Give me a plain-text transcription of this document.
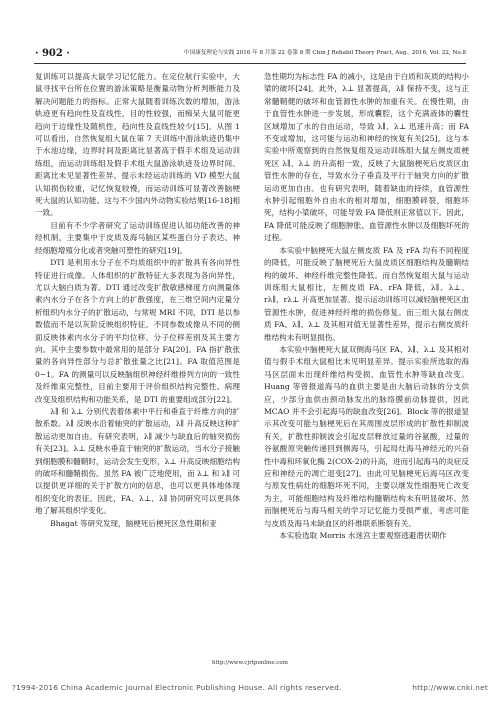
· 902 ·	中国康复理论与实践 2016 年 8 月第 22 卷第 8 期 Chin J Rehabil Theory Pract, Aug., 2016, Vol. 22, No.8

复训练可以提高大鼠学习记忆能力。在定位航行实验中，大鼠寻找平台所在位置的游泳策略是衡量动物分析判断能力及解决问题能力的指标。正常大鼠随着训练次数的增加，游泳轨迹更有趋向性及直线性，目的性较强，而痴呆大鼠可能更趋向于边缘性及随机性，趋向性及直线性较少[15]。从图 1 可以看出，自然恢复组大鼠在第 7 天训练中游泳轨迹仍集中于水池边缘，边界时间及距离比显著高于假手术组及运动训练组，而运动训练组及假手术组大鼠游泳轨迹及边界时间、距离比未见显著性差异。提示未经运动训练的 VD 模型大鼠认知损伤较重，记忆恢复较慢，而运动训练可显著改善脑梗死大鼠的认知功能。这与不少国内外动物实验结果[16-18]相一致。

目前有不少学者研究了运动训练促进认知功能改善的神经机制，主要集中于皮质及海马脑区某些蛋白分子表达、神经细胞增殖分化或者突触可塑性的研究[19]。

DTI 是利用水分子在不均质组织中的扩散具有各向异性特征进行成像。人体组织的扩散特征大多表现为各向异性，尤以大脑白质为著。DTI 通过改变扩散敏感梯度方向测量体素内水分子在各个方向上的扩散强度，在三维空间内定量分析组织内水分子的扩散运动，与常规 MRI 不同，DTI 是以参数值而不是以灰阶反映组织特征。不同参数成像从不同的侧面反映体素内水分子的平均位移、分子位移差别及其主要方向。其中主要参数中最常用的是部分 FA[20]。FA 指扩散张量的各向异性部分与总扩散张量之比[21]。FA 取值范围是 0~1。FA 的测量可以反映脑组织神经纤维排列方向的一致性及纤维束完整性，目前主要用于评价组织结构完整性、病理改变及组织结构和功能关系，是 DTI 的重要组成部分[22]。

λ∥ 和 λ⊥ 分别代表着体素中平行和垂直于纤维方向的扩散系数。λ∥ 反映水沿着轴突的扩散运动，λ∥ 升高反映这种扩散运动更加自由。有研究表明，λ∥ 减少与缺血后的轴突损伤有关[23]。λ⊥ 反映水垂直于轴突的扩散运动，当水分子接触到细胞膜和髓鞘时，运动会发生变形，λ⊥ 升高反映细胞结构的破坏和髓鞘损伤。虽然 FA 被广泛地使用，而 λ⊥ 和 λ∥ 可以提供更详细的关于扩散方向的信息，也可以更具体地体现组织变化的表征。因此，FA、λ⊥、λ∥ 协同研究可以更具体地了解其组织学变化。

Bhagat 等研究发现，脑梗死后梗死区急性期和亚

急性期均为标志性 FA 的减小，这是由于白质和灰质的结构小梁的破坏[24]。此外，λ⊥ 显著提高，λ∥ 保持不变，这与正常髓鞘健的破坏和血管源性水肿的加重有关。在慢性期，由于血管性水肿进一步发展，形成囊腔，这个充满液体的囊性区域增加了水的自由运动，导致 λ∥、λ⊥ 迅速升高；而 FA 不变或增加，这可能与运动和神经的恢复有关[25]。这与本实验中所观察到的自然恢复组及运动训练组大鼠左侧皮质梗死区 λ∥、λ⊥ 的升高相一致，反映了大鼠脑梗死后皮质区血管性水肿的存在，导致水分子垂直及平行于轴突方向的扩散运动更加自由。也有研究表明，随着缺血的持续，血管源性水肿引起细胞外自由水的相对增加，细胞膜碎裂，细胞坏死，结构小梁破坏，可能导致 FA 降低则正常值以下。因此，FA 降低可能反映了细胞肿胀、血管源性水肿以及细胞坏死的过程。

本实验中脑梗死大鼠左侧皮质 FA 及 rFA 均有不同程度的降低，可能反映了脑梗死后大鼠皮质区细胞结构及髓鞘结构的破坏、神经纤维完整性降低。而自然恢复组大鼠与运动训练组大鼠相比，左侧皮质 FA、rFA 降低，λ∥、λ⊥、rλ∥、rλ⊥ 升高更加显著。提示运动训练可以减轻脑梗死区血管源性水肿，促进神经纤维的损伤修复。而三组大鼠右侧皮质 FA、λ∥、λ⊥ 及其相对值无显著性差异，提示右侧皮质纤维结构未有明显损伤。

本实验中脑梗死大鼠双侧海马区 FA、λ∥、λ⊥ 及其相对值与假手术组大鼠相比未见明显差异。提示实验所选取的海马区层面未出现纤维结构受损、血管性水肿等缺血改变。Huang 等曾报道海马的血供主要是由大脑后动脉的分支供应，少部分血供由颈动脉发出的脉络膜前动脉提供，因此 MCAO 并不会引起海马的缺血改变[26]。Block 等的报道显示其改变可能与脑梗死后在其周围皮层形成的扩散性抑制波有关，扩散性抑制波会引起皮层释放过量的谷氨酸，过量的谷氨酸原突触传递回到侧海马，引起局灶海马神经元的兴奋性中毒和环氧化酶 2(COX-2)的升高，进而引起海马的炎症反应和神经元的凋亡退变[27]。由此可见脑梗死后海马区改变与原发性病灶的细胞坏死不同，主要以继发性细胞死亡改变为主，可能细胞结构及纤维结构髓鞘结构未有明显破坏。然而脑梗死后与海马相关的学习记忆能力受损严重，考虑可能与皮质及海马未缺血区的纤维联系断裂有关。

本实验选取 Morris 水迷宫主要观察逃避潜伏期作

http://www.cjrtponline.com
?1994-2016 China Academic Journal Electronic Publishing House. All rights reserved.	http://www.cnki.net
